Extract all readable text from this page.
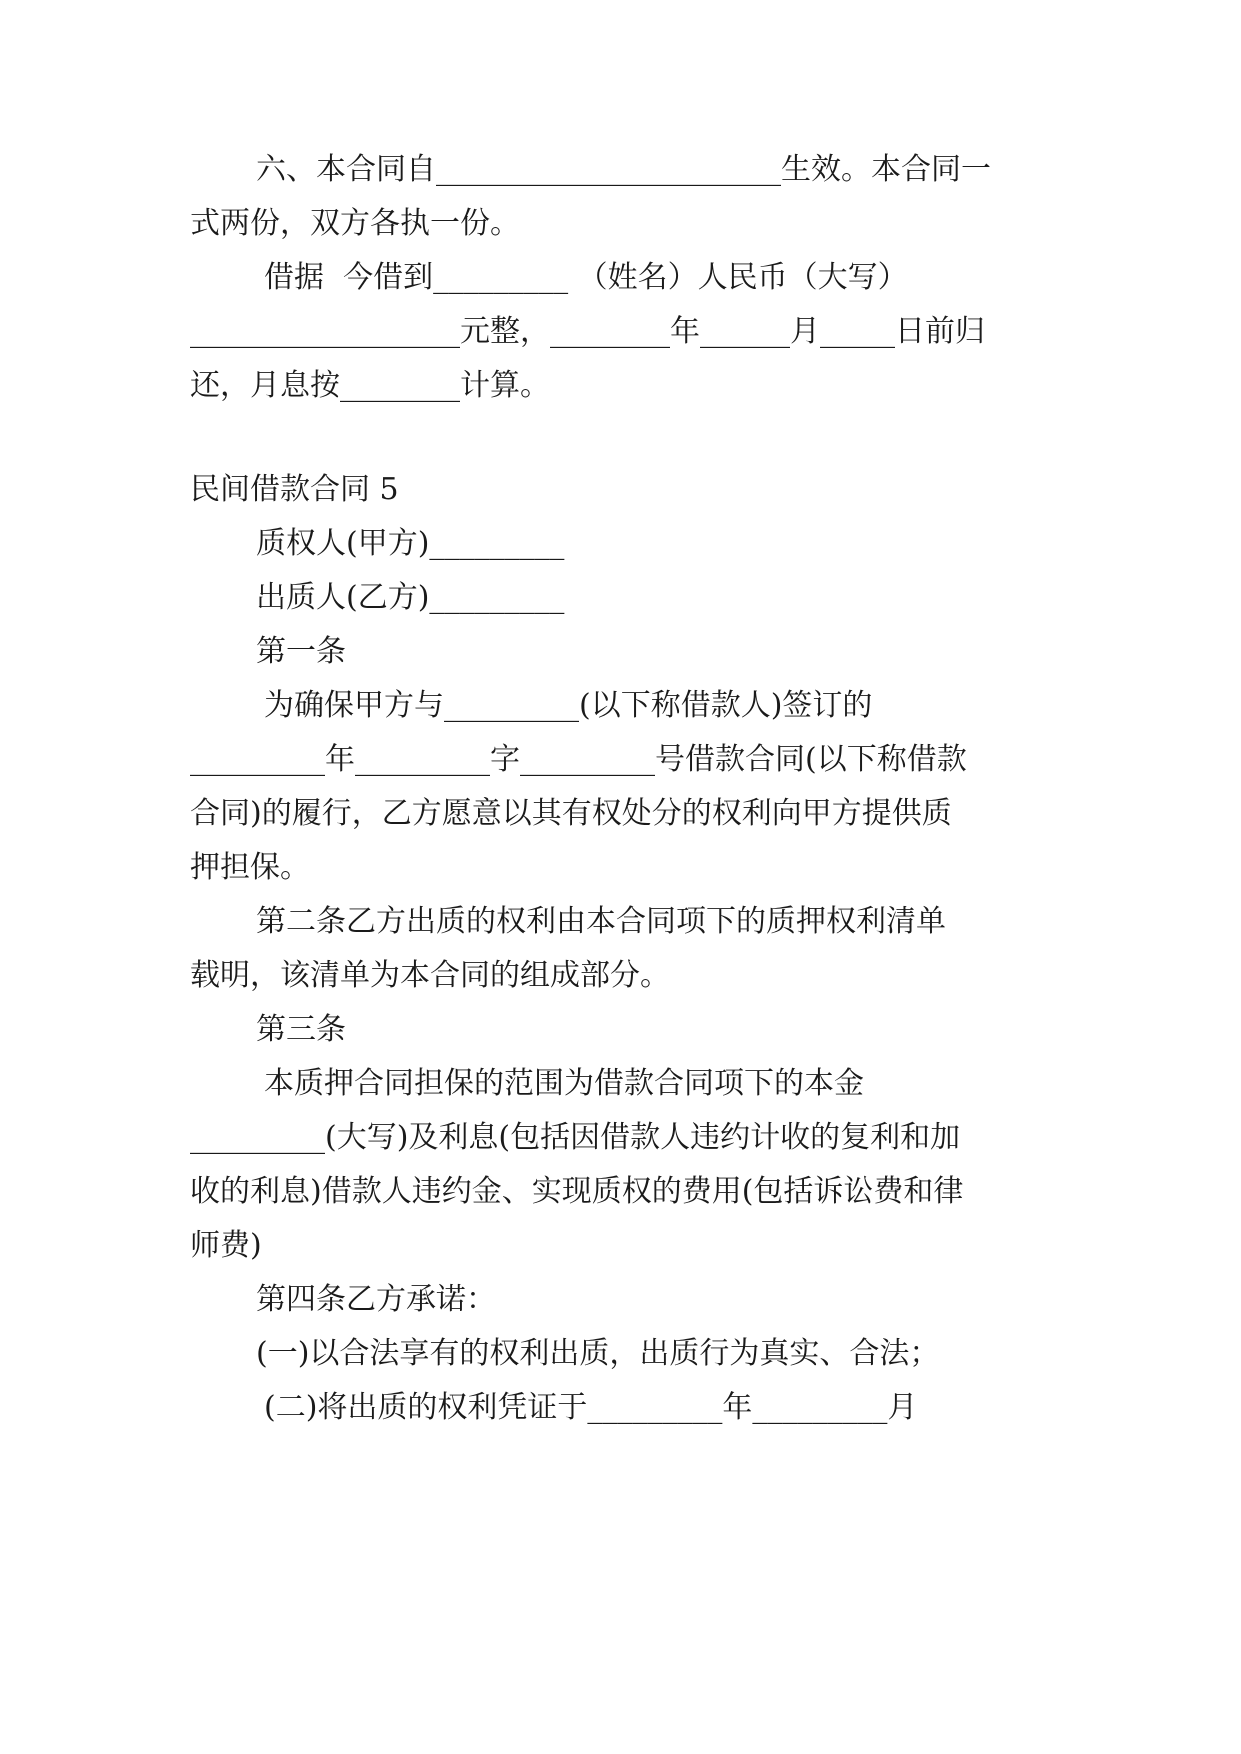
六、本合同自_______________________生效。本合同一
式两份，双方各执一份。
借据  今借到_________ （姓名）人民币（大写）
__________________元整，________年______月_____日前归
还，月息按________计算。
民间借款合同 5
质权人(甲方)_________
出质人(乙方)_________
第一条
为确保甲方与_________(以下称借款人)签订的
_________年_________字_________号借款合同(以下称借款
合同)的履行，乙方愿意以其有权处分的权利向甲方提供质
押担保。
第二条乙方出质的权利由本合同项下的质押权利清单
载明，该清单为本合同的组成部分。
第三条
本质押合同担保的范围为借款合同项下的本金
_________(大写)及利息(包括因借款人违约计收的复利和加
收的利息)借款人违约金、实现质权的费用(包括诉讼费和律
师费)
第四条乙方承诺：
(一)以合法享有的权利出质，出质行为真实、合法；
(二)将出质的权利凭证于_________年_________月
